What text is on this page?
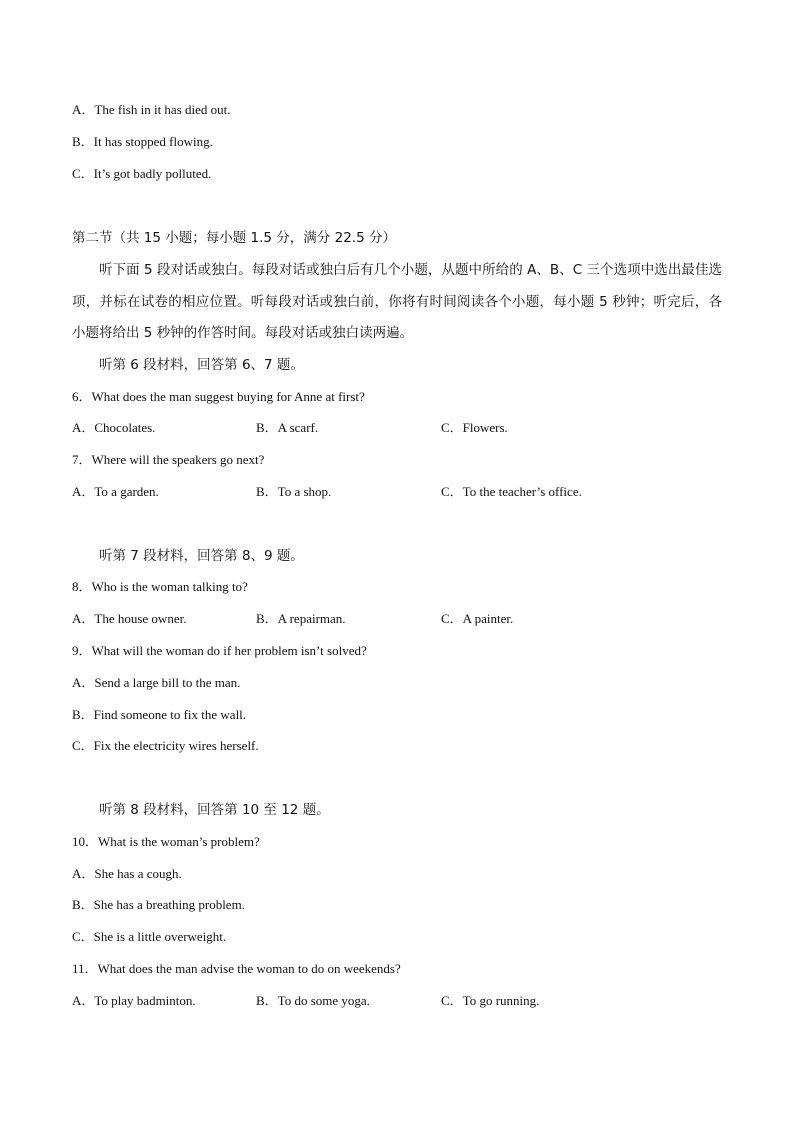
A．The fish in it has died out.
B．It has stopped flowing.
C．It’s got badly polluted.
第二节（共 15 小题；每小题 1.5 分，满分 22.5 分）
听下面 5 段对话或独白。每段对话或独白后有几个小题，从题中所给的 A、B、C 三个选项中选出最佳选项，并标在试卷的相应位置。听每段对话或独白前，你将有时间阅读各个小题，每小题 5 秒钟；听完后，各小题将给出 5 秒钟的作答时间。每段对话或独白读两遍。
听第 6 段材料，回答第 6、7 题。
6．What does the man suggest buying for Anne at first?
A．Chocolates.	B．A scarf.	C．Flowers.
7．Where will the speakers go next?
A．To a garden.	B．To a shop.	C．To the teacher’s office.
听第 7 段材料，回答第 8、9 题。
8．Who is the woman talking to?
A．The house owner.	B．A repairman.	C．A painter.
9．What will the woman do if her problem isn’t solved?
A．Send a large bill to the man.
B．Find someone to fix the wall.
C．Fix the electricity wires herself.
听第 8 段材料，回答第 10 至 12 题。
10．What is the woman’s problem?
A．She has a cough.
B．She has a breathing problem.
C．She is a little overweight.
11．What does the man advise the woman to do on weekends?
A．To play badminton.	B．To do some yoga.	C．To go running.
